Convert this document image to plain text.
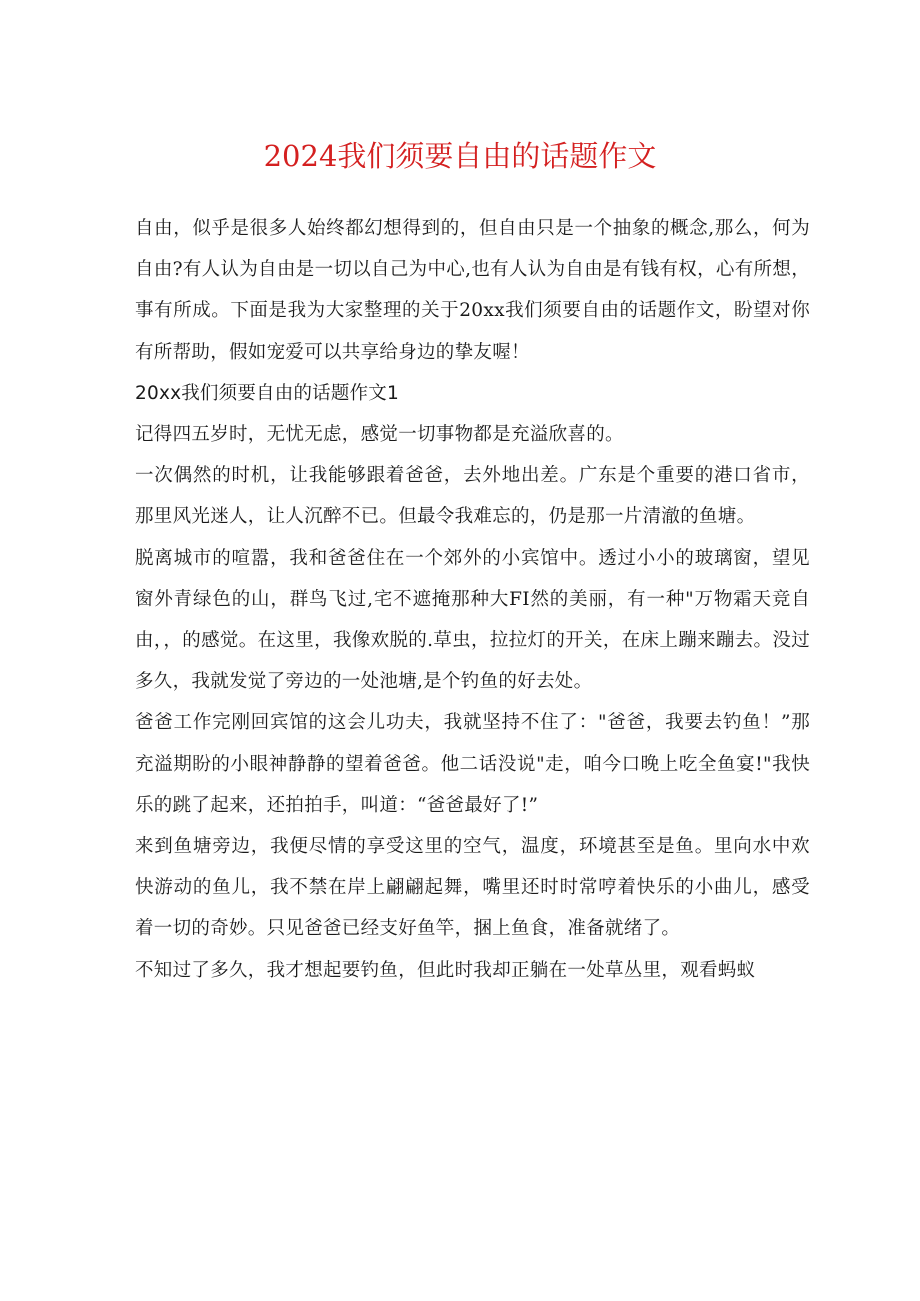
2024我们须要自由的话题作文

自由，似乎是很多人始终都幻想得到的，但自由只是一个抽象的概念,那么，何为自由?有人认为自由是一切以自己为中心,也有人认为自由是有钱有权，心有所想，事有所成。下面是我为大家整理的关于20xx我们须要自由的话题作文，盼望对你有所帮助，假如宠爱可以共享给身边的挚友喔！

20xx我们须要自由的话题作文1

记得四五岁时，无忧无虑，感觉一切事物都是充溢欣喜的。

一次偶然的时机，让我能够跟着爸爸，去外地出差。广东是个重要的港口省市，那里风光迷人，让人沉醉不已。但最令我难忘的，仍是那一片清澈的鱼塘。

脱离城市的喧嚣，我和爸爸住在一个郊外的小宾馆中。透过小小的玻璃窗，望见窗外青绿色的山，群鸟飞过,宅不遮掩那种大FI然的美丽，有一种"万物霜天竞自由，，的感觉。在这里，我像欢脱的.草虫，拉拉灯的开关，在床上蹦来蹦去。没过多久，我就发觉了旁边的一处池塘,是个钓鱼的好去处。

爸爸工作完刚回宾馆的这会儿功夫，我就坚持不住了："爸爸，我要去钓鱼！”那充溢期盼的小眼神静静的望着爸爸。他二话没说"走，咱今口晚上吃全鱼宴!"我快乐的跳了起来，还拍拍手，叫道：“爸爸最好了!”

来到鱼塘旁边，我便尽情的享受这里的空气，温度，环境甚至是鱼。里向水中欢快游动的鱼儿，我不禁在岸上翩翩起舞，嘴里还时时常哼着快乐的小曲儿，感受着一切的奇妙。只见爸爸已经支好鱼竿，捆上鱼食，准备就绪了。

不知过了多久，我才想起要钓鱼，但此时我却正躺在一处草丛里，观看蚂蚁
